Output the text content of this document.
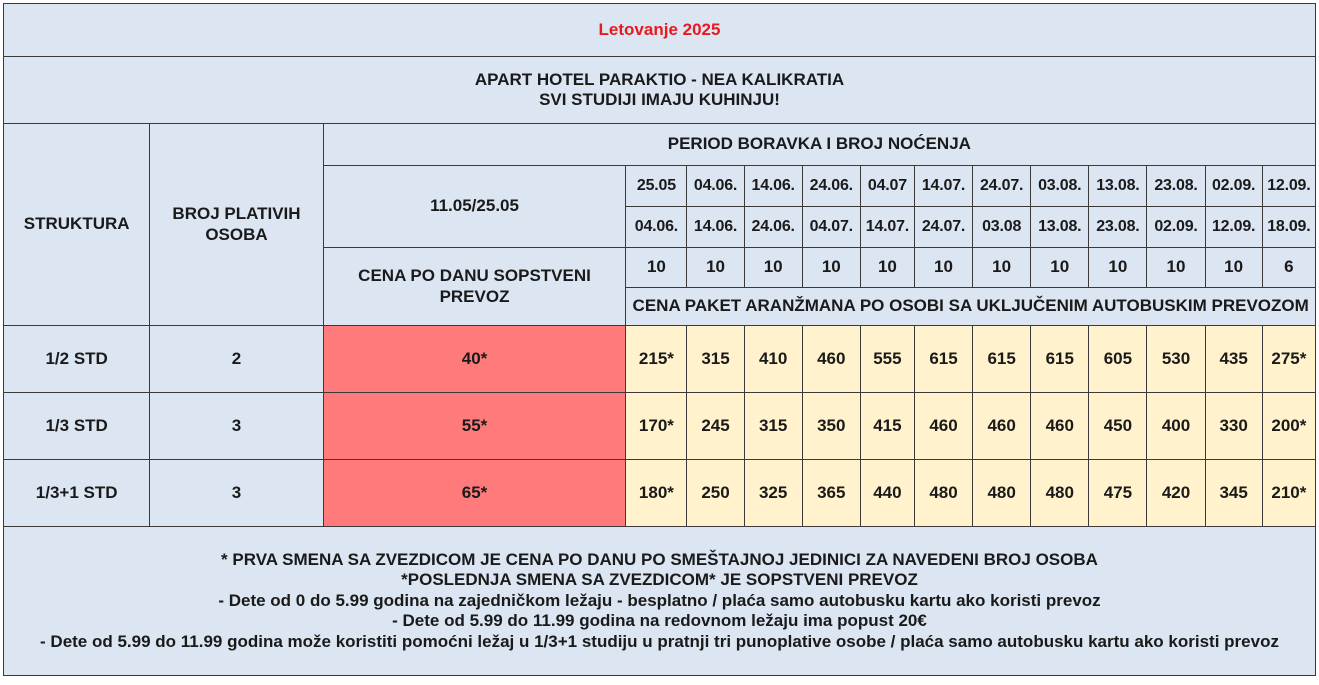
Letovanje 2025														

APART HOTEL PARAKTIO - NEA KALIKRATIA
SVI STUDIJI IMAJU KUHINJU!														

STRUKTURA	BROJ PLATIVIH OSOBA	PERIOD BORAVKA I BROJ NOĆENJA												
		11.05/25.05	25.05	04.06.	14.06.	24.06.	04.07	14.07.	24.07.	03.08.	13.08.	23.08.	02.09.	12.09.
			04.06.	14.06.	24.06.	04.07.	14.07.	24.07.	03.08	13.08.	23.08.	02.09.	12.09.	18.09.

		CENA PO DANU SOPSTVENI PREVOZ	10	10	10	10	10	10	10	10	10	10	10	6
			CENA PAKET ARANŽMANA PO OSOBI SA UKLJUČENIM AUTOBUSKIM PREVOZOM											
1/2 STD	2	40*	215*	315	410	460	555	615	615	615	605	530	435	275*
1/3 STD	3	55*	170*	245	315	350	415	460	460	460	450	400	330	200*
1/3+1 STD	3	65*	180*	250	325	365	440	480	480	480	475	420	345	210*

* PRVA SMENA SA ZVEZDICOM JE CENA PO DANU PO SMEŠTAJNOJ JEDINICI ZA NAVEDENI BROJ OSOBA
*POSLEDNJA SMENA SA ZVEZDICOM* JE SOPSTVENI PREVOZ
- Dete od 0 do 5.99 godina na zajedničkom ležaju - besplatno / plaća samo autobusku kartu ako koristi prevoz
- Dete od 5.99 do 11.99 godina na redovnom ležaju ima popust 20€
- Dete od 5.99 do 11.99 godina može koristiti pomoćni ležaj u 1/3+1 studiju u pratnji tri punoplative osobe / plaća samo autobusku kartu ako koristi prevoz														
